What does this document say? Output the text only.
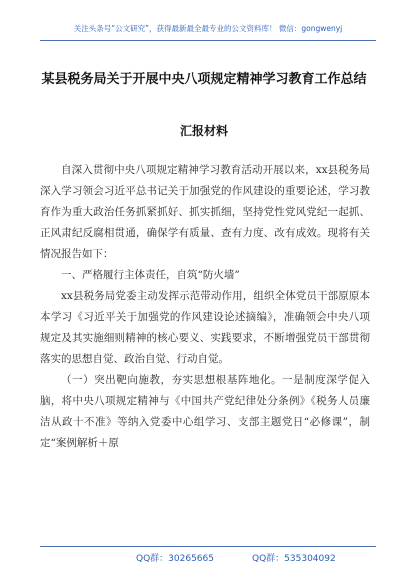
关注头条号“公文研究”，获得最新最全最专业的公文资料库！ 微信：gongwenyj
某县税务局关于开展中央八项规定精神学习教育工作总结
汇报材料

自深入贯彻中央八项规定精神学习教育活动开展以来，xx县税务局深入学习领会习近平总书记关于加强党的作风建设的重要论述，学习教育作为重大政治任务抓紧抓好、抓实抓细，坚持党性党风党纪一起抓、正风肃纪反腐相贯通，确保学有质量、查有力度、改有成效。现将有关情况报告如下：

一、严格履行主体责任，自筑“防火墙”

xx县税务局党委主动发挥示范带动作用，组织全体党员干部原原本本学习《习近平关于加强党的作风建设论述摘编》，准确领会中央八项规定及其实施细则精神的核心要义、实践要求，不断增强党员干部贯彻落实的思想自觉、政治自觉、行动自觉。

（一）突出靶向施教，夯实思想根基阵地化。一是制度深学促入脑，将中央八项规定精神与《中国共产党纪律处分条例》《税务人员廉洁从政十不准》等纳入党委中心组学习、支部主题党日“必修课”，制定“案例解析＋原

QQ群：30265665	QQ群：535304092
